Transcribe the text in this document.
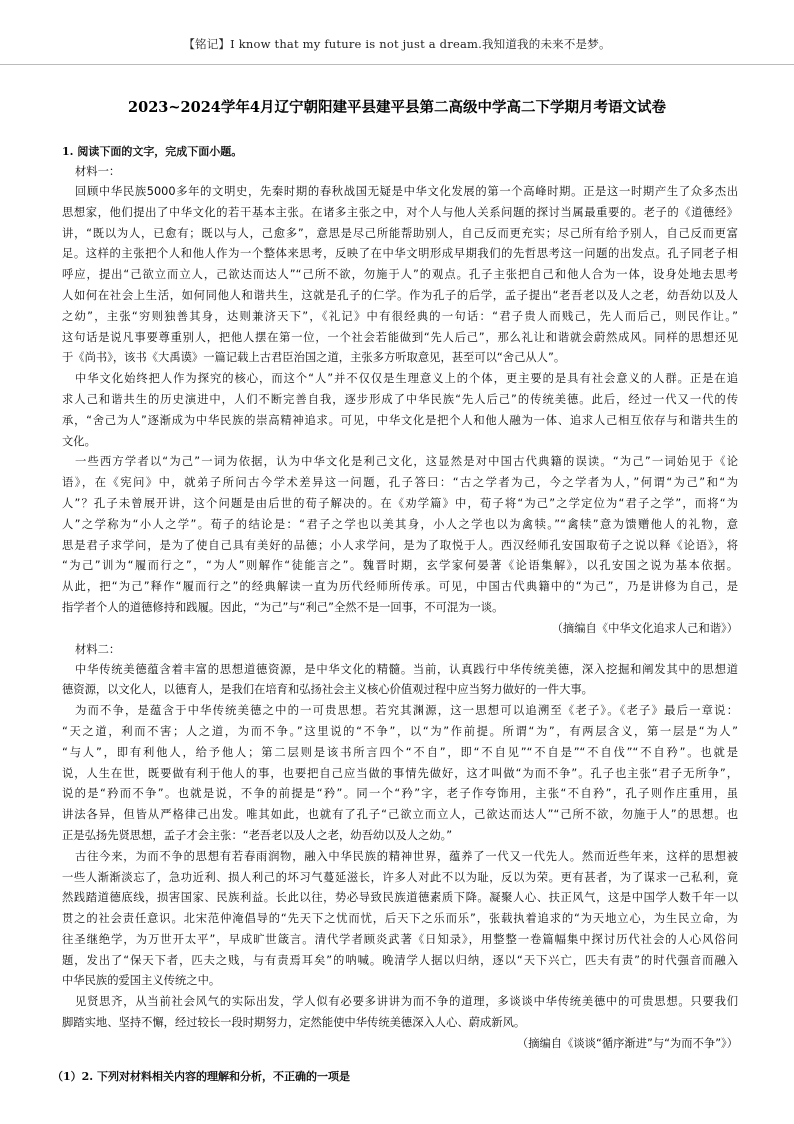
【铭记】I know that my future is not just a dream.我知道我的未来不是梦。
2023~2024学年4月辽宁朝阳建平县建平县第二高级中学高二下学期月考语文试卷
1. 阅读下面的文字，完成下面小题。
材料一：
回顾中华民族5000多年的文明史，先秦时期的春秋战国无疑是中华文化发展的第一个高峰时期。正是这一时期产生了众多杰出
思想家，他们提出了中华文化的若干基本主张。在诸多主张之中，对个人与他人关系问题的探讨当属最重要的。老子的《道德经》
讲，“既以为人，已愈有；既以与人，己愈多”，意思是尽己所能帮助别人，自己反而更充实；尽己所有给予别人，自己反而更富
足。这样的主张把个人和他人作为一个整体来思考，反映了在中华文明形成早期我们的先哲思考这一问题的出发点。孔子同老子相
呼应，提出“己欲立而立人，己欲达而达人”“己所不欲，勿施于人”的观点。孔子主张把自己和他人合为一体，设身处地去思考
人如何在社会上生活，如何同他人和谐共生，这就是孔子的仁学。作为孔子的后学，孟子提出“老吾老以及人之老，幼吾幼以及人
之幼”，主张“穷则独善其身，达则兼济天下”，《礼记》中有很经典的一句话：“君子贵人而贱己，先人而后己，则民作让。”
这句话是说凡事要尊重别人，把他人摆在第一位，一个社会若能做到“先人后己”，那么礼让和谐就会蔚然成风。同样的思想还见
于《尚书》，该书《大禹谟》一篇记载上古君臣治国之道，主张多方听取意见，甚至可以“舍己从人”。
中华文化始终把人作为探究的核心，而这个“人”并不仅仅是生理意义上的个体，更主要的是具有社会意义的人群。正是在追
求人己和谐共生的历史演进中，人们不断完善自我，逐步形成了中华民族“先人后己”的传统美德。此后，经过一代又一代的传
承，“舍己为人”逐渐成为中华民族的崇高精神追求。可见，中华文化是把个人和他人融为一体、追求人己相互依存与和谐共生的
文化。
一些西方学者以“为己”一词为依据，认为中华文化是利己文化，这显然是对中国古代典籍的误读。“为己”一词始见于《论
语》，在《宪问》中，就弟子所问古今学术差异这一问题，孔子答曰：“古之学者为己，今之学者为人，”何谓“为己”和“为
人”？孔子未曾展开讲，这个问题是由后世的荀子解决的。在《劝学篇》中，荀子将“为己”之学定位为“君子之学”，而将“为
人”之学称为“小人之学”。荀子的结论是：“君子之学也以美其身，小人之学也以为禽犊。”“禽犊”意为馈赠他人的礼物，意
思是君子求学问，是为了使自己具有美好的品德；小人求学问，是为了取悦于人。西汉经师孔安国取荀子之说以释《论语》，将
“为己”训为“履而行之”，“为人”则解作“徒能言之”。魏晋时期，玄学家何晏著《论语集解》，以孔安国之说为基本依据。
从此，把“为己”释作“履而行之”的经典解读一直为历代经师所传承。可见，中国古代典籍中的“为己”，乃是讲修为自己，是
指学者个人的道德修持和践履。因此，“为己”与“利己”全然不是一回事，不可混为一谈。
（摘编自《中华文化追求人己和谐》）
材料二：
中华传统美德蕴含着丰富的思想道德资源，是中华文化的精髓。当前，认真践行中华传统美德，深入挖掘和阐发其中的思想道
德资源，以文化人，以德育人，是我们在培育和弘扬社会主义核心价值观过程中应当努力做好的一件大事。
为而不争，是蕴含于中华传统美德之中的一可贵思想。若究其渊源，这一思想可以追溯至《老子》。《老子》最后一章说：
“天之道，利而不害；人之道，为而不争。”这里说的“不争”，以“为”作前提。所谓“为”，有两层含义，第一层是“为人”
“与人”，即有利他人，给予他人；第二层则是该书所言四个“不自”，即“不自见”“不自是”“不自伐”“不自矜”。也就是
说，人生在世，既要做有利于他人的事，也要把自己应当做的事情先做好，这才叫做“为而不争”。孔子也主张“君子无所争”，
说的是“矜而不争”。也就是说，不争的前提是“矜”。同一个“矜”字，老子作夸饰用，主张“不自矜”，孔子则作庄重用，虽
讲法各异，但皆从严格律己出发。唯其如此，也就有了孔子“己欲立而立人，己欲达而达人”“己所不欲，勿施于人”的思想。也
正是弘扬先贤思想，孟子才会主张：“老吾老以及人之老，幼吾幼以及人之幼。”
古往今来，为而不争的思想有若春雨润物，融入中华民族的精神世界，蕴养了一代又一代先人。然而近些年来，这样的思想被
一些人渐渐淡忘了，急功近利、损人利己的坏习气蔓延滋长，许多人对此不以为耻，反以为荣。更有甚者，为了谋求一己私利，竟
然践踏道德底线，损害国家、民族利益。长此以往，势必导致民族道德素质下降。凝聚人心、扶正风气，这是中国学人数千年一以
贯之的社会责任意识。北宋范仲淹倡导的“先天下之忧而忧，后天下之乐而乐”，张载执着追求的“为天地立心，为生民立命，为
往圣继绝学，为万世开太平”，早成旷世箴言。清代学者顾炎武著《日知录》，用整整一卷篇幅集中探讨历代社会的人心风俗问
题，发出了“保天下者，匹夫之贱，与有责焉耳矣”的呐喊。晚清学人据以归纳，逐以“天下兴亡，匹夫有责”的时代强音而融入
中华民族的爱国主义传统之中。
见贤思齐，从当前社会风气的实际出发，学人似有必要多讲讲为而不争的道理，多谈谈中华传统美德中的可贵思想。只要我们
脚踏实地、坚持不懈，经过较长一段时期努力，定然能使中华传统美德深入人心、蔚成新风。
（摘编自《谈谈“循序渐进”与“为而不争”》）
（1）2. 下列对材料相关内容的理解和分析，不正确的一项是
